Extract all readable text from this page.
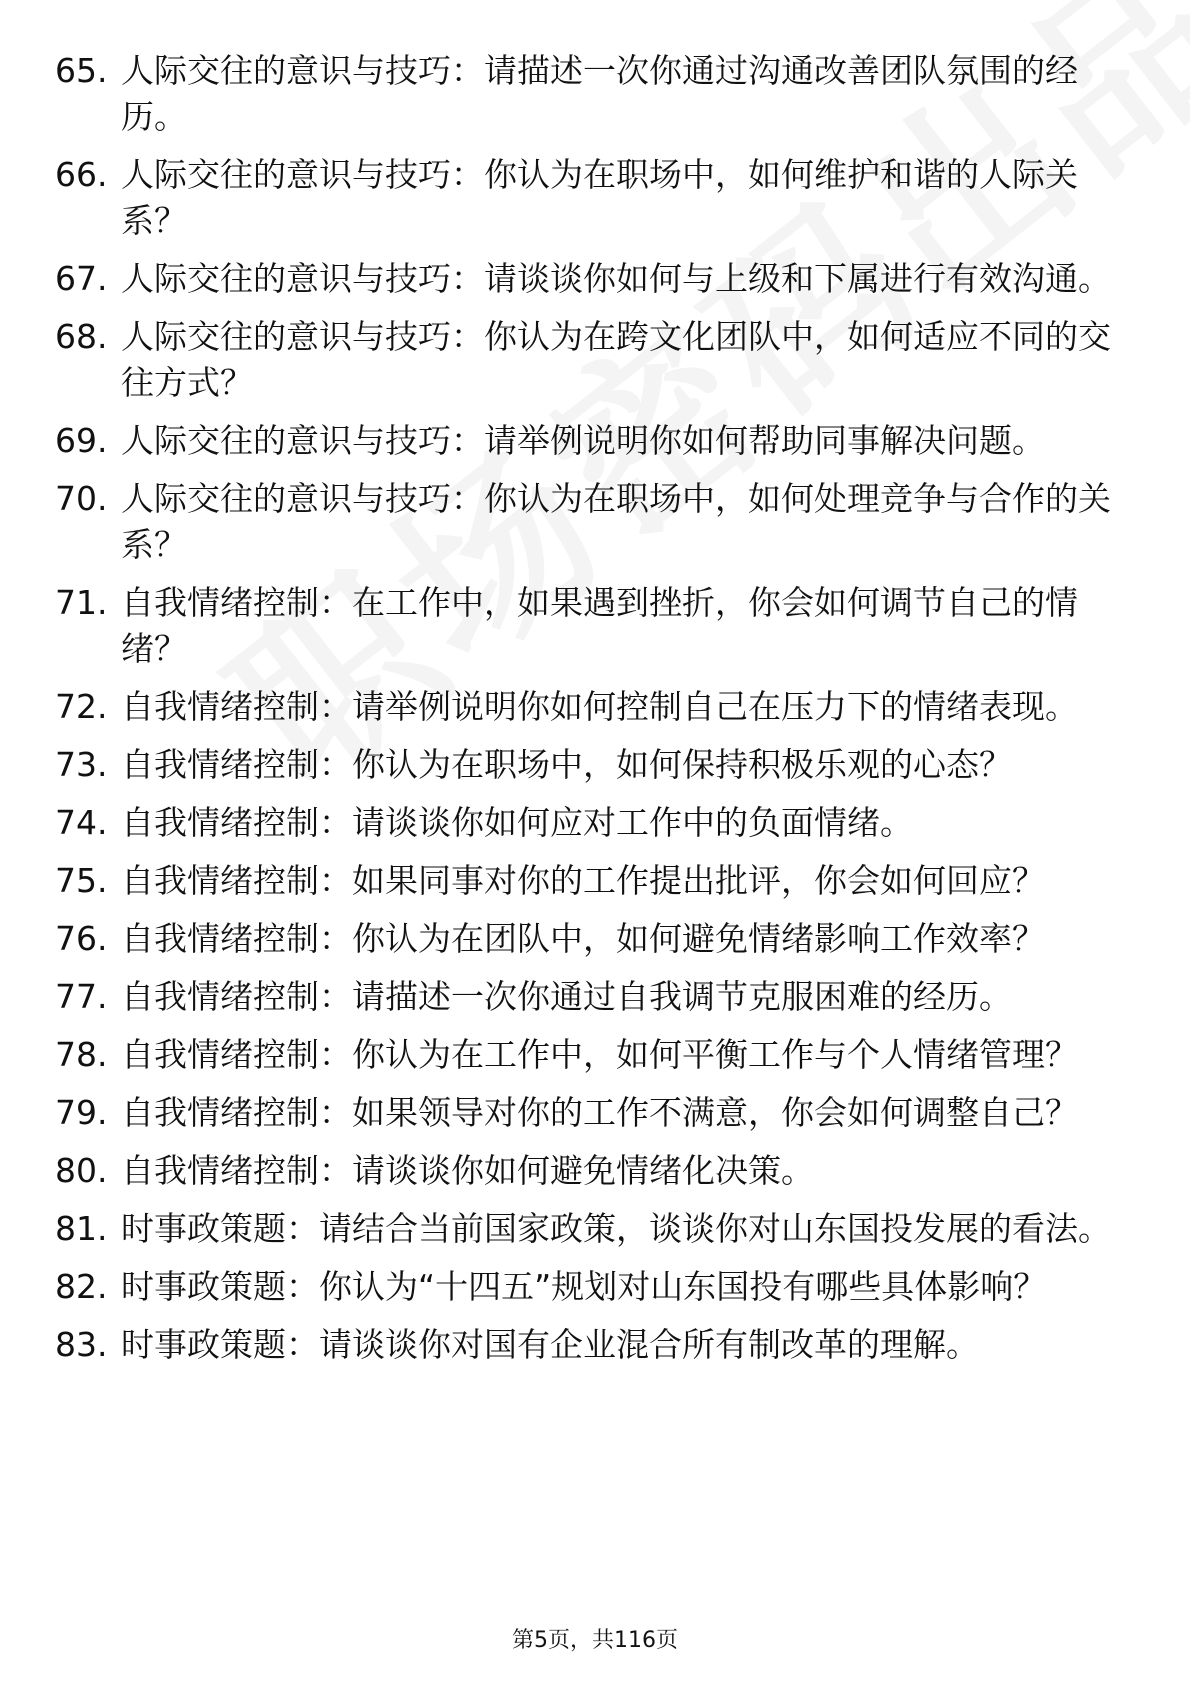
65. 人际交往的意识与技巧：请描述一次你通过沟通改善团队氛围的经历。
66. 人际交往的意识与技巧：你认为在职场中，如何维护和谐的人际关系？
67. 人际交往的意识与技巧：请谈谈你如何与上级和下属进行有效沟通。
68. 人际交往的意识与技巧：你认为在跨文化团队中，如何适应不同的交往方式？
69. 人际交往的意识与技巧：请举例说明你如何帮助同事解决问题。
70. 人际交往的意识与技巧：你认为在职场中，如何处理竞争与合作的关系？
71. 自我情绪控制：在工作中，如果遇到挫折，你会如何调节自己的情绪？
72. 自我情绪控制：请举例说明你如何控制自己在压力下的情绪表现。
73. 自我情绪控制：你认为在职场中，如何保持积极乐观的心态？
74. 自我情绪控制：请谈谈你如何应对工作中的负面情绪。
75. 自我情绪控制：如果同事对你的工作提出批评，你会如何回应？
76. 自我情绪控制：你认为在团队中，如何避免情绪影响工作效率？
77. 自我情绪控制：请描述一次你通过自我调节克服困难的经历。
78. 自我情绪控制：你认为在工作中，如何平衡工作与个人情绪管理？
79. 自我情绪控制：如果领导对你的工作不满意，你会如何调整自己？
80. 自我情绪控制：请谈谈你如何避免情绪化决策。
81. 时事政策题：请结合当前国家政策，谈谈你对山东国投发展的看法。
82. 时事政策题：你认为“十四五”规划对山东国投有哪些具体影响？
83. 时事政策题：请谈谈你对国有企业混合所有制改革的理解。
第5页，共116页
